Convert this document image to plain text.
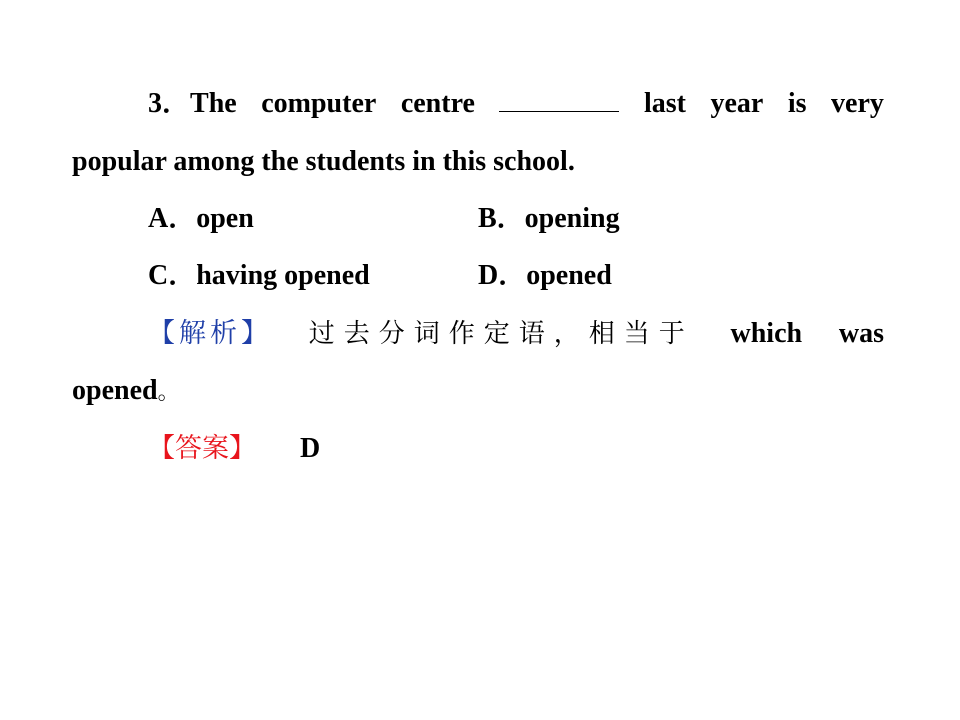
3．The computer centre	last year is very
popular among the students in this school.
A．open	B．opening
C．having opened	D．opened
【解析】 过去分词作定语，相当于 which was
opened。
【答案】 D
